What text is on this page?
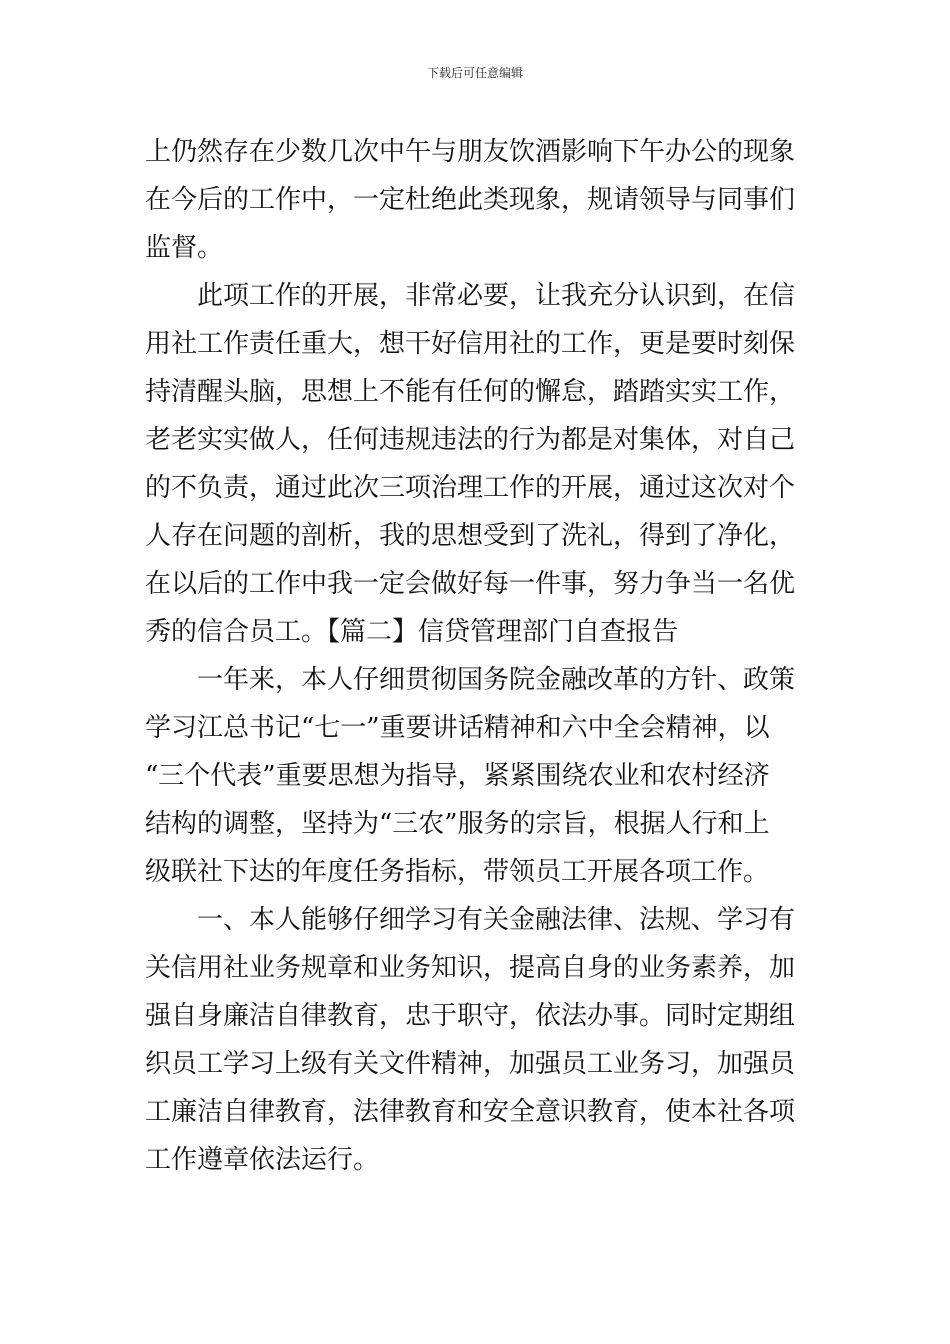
下载后可任意编辑
上仍然存在少数几次中午与朋友饮酒影响下午办公的现象
在今后的工作中，一定杜绝此类现象，规请领导与同事们
监督。
此项工作的开展，非常必要，让我充分认识到，在信
用社工作责任重大，想干好信用社的工作，更是要时刻保
持清醒头脑，思想上不能有任何的懈怠，踏踏实实工作，
老老实实做人，任何违规违法的行为都是对集体，对自己
的不负责，通过此次三项治理工作的开展，通过这次对个
人存在问题的剖析，我的思想受到了洗礼，得到了净化，
在以后的工作中我一定会做好每一件事，努力争当一名优
秀的信合员工。【篇二】信贷管理部门自查报告
一年来，本人仔细贯彻国务院金融改革的方针、政策
学习江总书记“七一”重要讲话精神和六中全会精神，以
“三个代表”重要思想为指导，紧紧围绕农业和农村经济
结构的调整，坚持为“三农”服务的宗旨，根据人行和上
级联社下达的年度任务指标，带领员工开展各项工作。
一、本人能够仔细学习有关金融法律、法规、学习有
关信用社业务规章和业务知识，提高自身的业务素养，加
强自身廉洁自律教育，忠于职守，依法办事。同时定期组
织员工学习上级有关文件精神，加强员工业务习，加强员
工廉洁自律教育，法律教育和安全意识教育，使本社各项
工作遵章依法运行。
